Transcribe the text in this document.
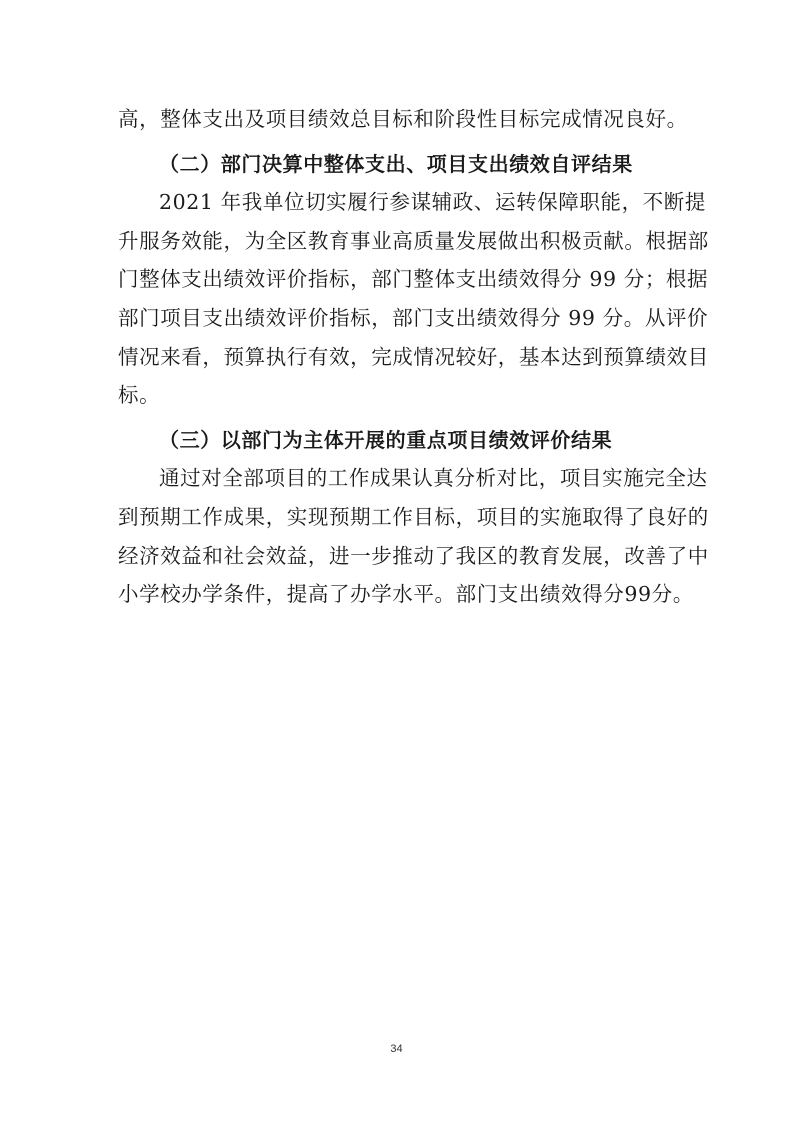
高，整体支出及项目绩效总目标和阶段性目标完成情况良好。
（二）部门决算中整体支出、项目支出绩效自评结果
2021 年我单位切实履行参谋辅政、运转保障职能，不断提
升服务效能，为全区教育事业高质量发展做出积极贡献。根据部
门整体支出绩效评价指标，部门整体支出绩效得分 99 分；根据
部门项目支出绩效评价指标，部门支出绩效得分 99 分。从评价
情况来看，预算执行有效，完成情况较好，基本达到预算绩效目
标。
（三）以部门为主体开展的重点项目绩效评价结果
通过对全部项目的工作成果认真分析对比，项目实施完全达
到预期工作成果，实现预期工作目标，项目的实施取得了良好的
经济效益和社会效益，进一步推动了我区的教育发展，改善了中
小学校办学条件，提高了办学水平。部门支出绩效得分99分。
34
